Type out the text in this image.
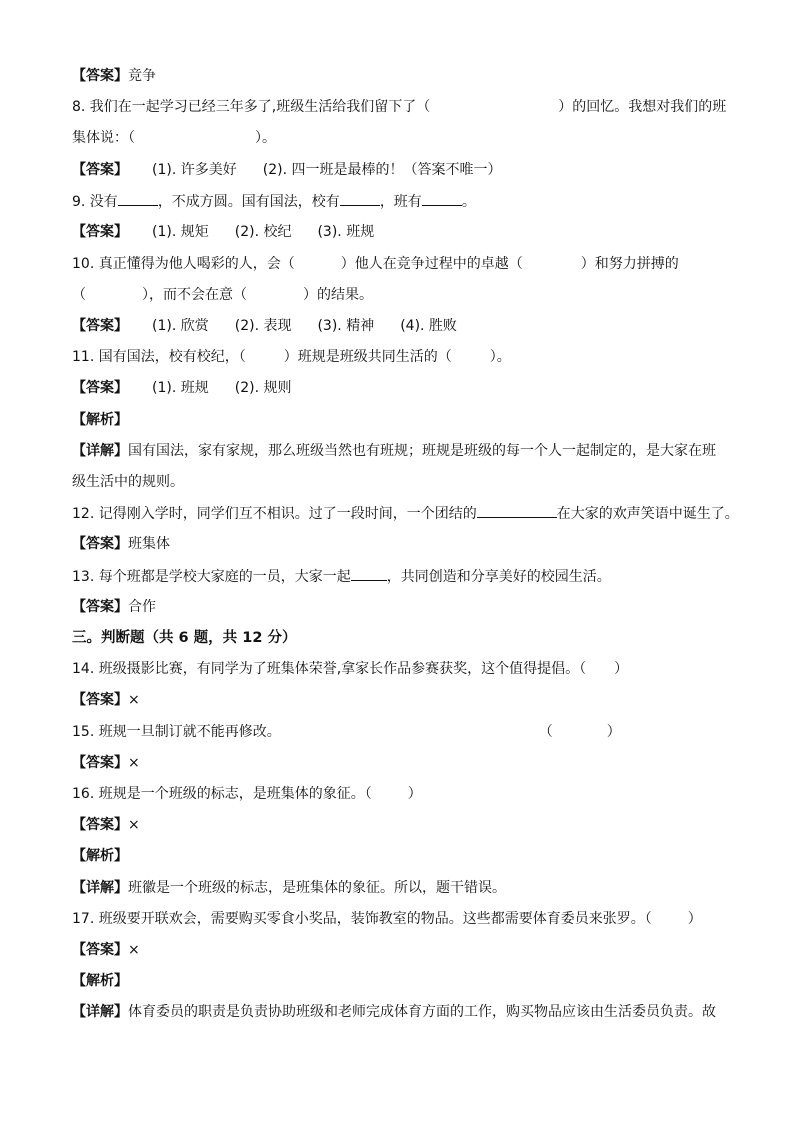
【答案】竞争
8. 我们在一起学习已经三年多了,班级生活给我们留下了（	）的回忆。我想对我们的班
集体说：（	）。
【答案】 (1). 许多美好 (2). 四一班是最棒的！（答案不唯一）
9. 没有	，不成方圆。国有国法，校有	，班有	。
【答案】 (1). 规矩 (2). 校纪 (3). 班规
10. 真正懂得为他人喝彩的人，会（	）他人在竞争过程中的卓越（	）和努力拼搏的
（	），而不会在意（	）的结果。
【答案】 (1). 欣赏 (2). 表现 (3). 精神 (4). 胜败
11. 国有国法，校有校纪，（	）班规是班级共同生活的（	）。
【答案】 (1). 班规 (2). 规则
【解析】
【详解】国有国法，家有家规，那么班级当然也有班规；班规是班级的每一个人一起制定的，是大家在班
级生活中的规则。
12. 记得刚入学时，同学们互不相识。过了一段时间，一个团结的	在大家的欢声笑语中诞生了。
【答案】班集体
13. 每个班都是学校大家庭的一员，大家一起	，共同创造和分享美好的校园生活。
【答案】合作
三。判断题（共 6 题，共 12 分）
14. 班级摄影比赛，有同学为了班集体荣誉,拿家长作品参赛获奖，这个值得提倡。（ ）
【答案】×
15. 班规一旦制订就不能再修改。	（	）
【答案】×
16. 班规是一个班级的标志，是班集体的象征。（	）
【答案】×
【解析】
【详解】班徽是一个班级的标志，是班集体的象征。所以，题干错误。
17. 班级要开联欢会，需要购买零食小奖品，装饰教室的物品。这些都需要体育委员来张罗。（	）
【答案】×
【解析】
【详解】体育委员的职责是负责协助班级和老师完成体育方面的工作，购买物品应该由生活委员负责。故
